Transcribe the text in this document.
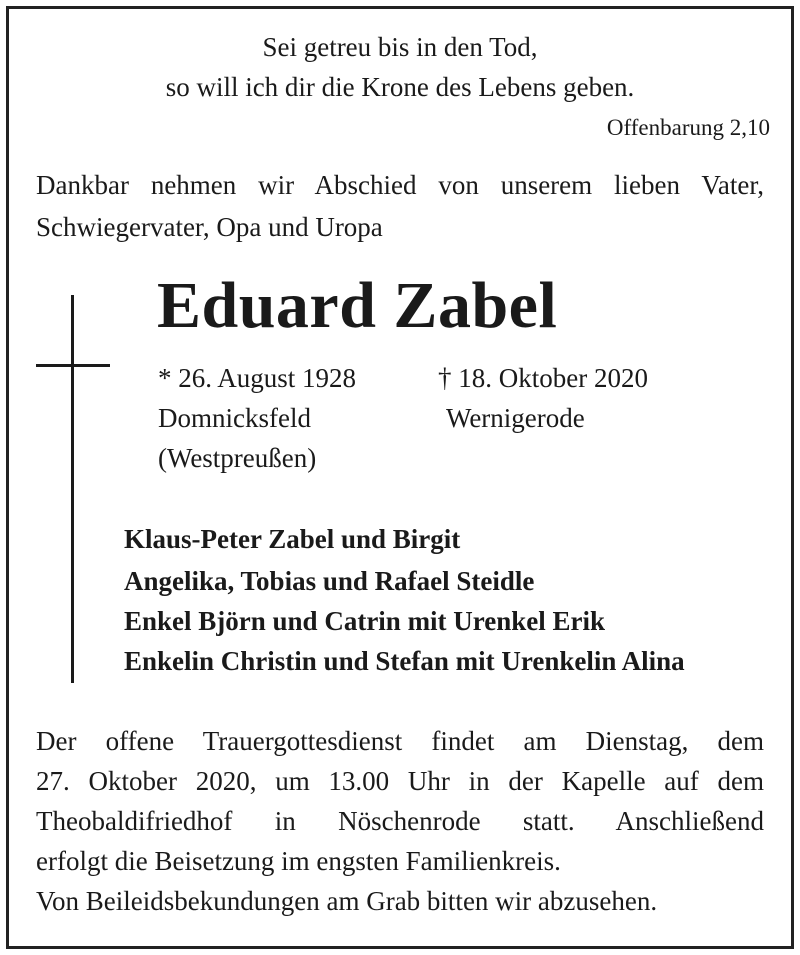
Sei getreu bis in den Tod,

so will ich dir die Krone des Lebens geben.

Offenbarung 2,10

Dankbar nehmen wir Abschied von unserem lieben Vater,

Schwiegervater, Opa und Uropa

Eduard Zabel

* 26. August 1928

Domnicksfeld

(Westpreußen)

† 18. Oktober 2020

Wernigerode

Klaus-Peter Zabel und Birgit

Angelika, Tobias und Rafael Steidle

Enkel Björn und Catrin mit Urenkel Erik

Enkelin Christin und Stefan mit Urenkelin Alina

Der offene Trauergottesdienst findet am Dienstag, dem

27. Oktober 2020, um 13.00 Uhr in der Kapelle auf dem

Theobaldifriedhof in Nöschenrode statt. Anschließend

erfolgt die Beisetzung im engsten Familienkreis.

Von Beileidsbekundungen am Grab bitten wir abzusehen.
